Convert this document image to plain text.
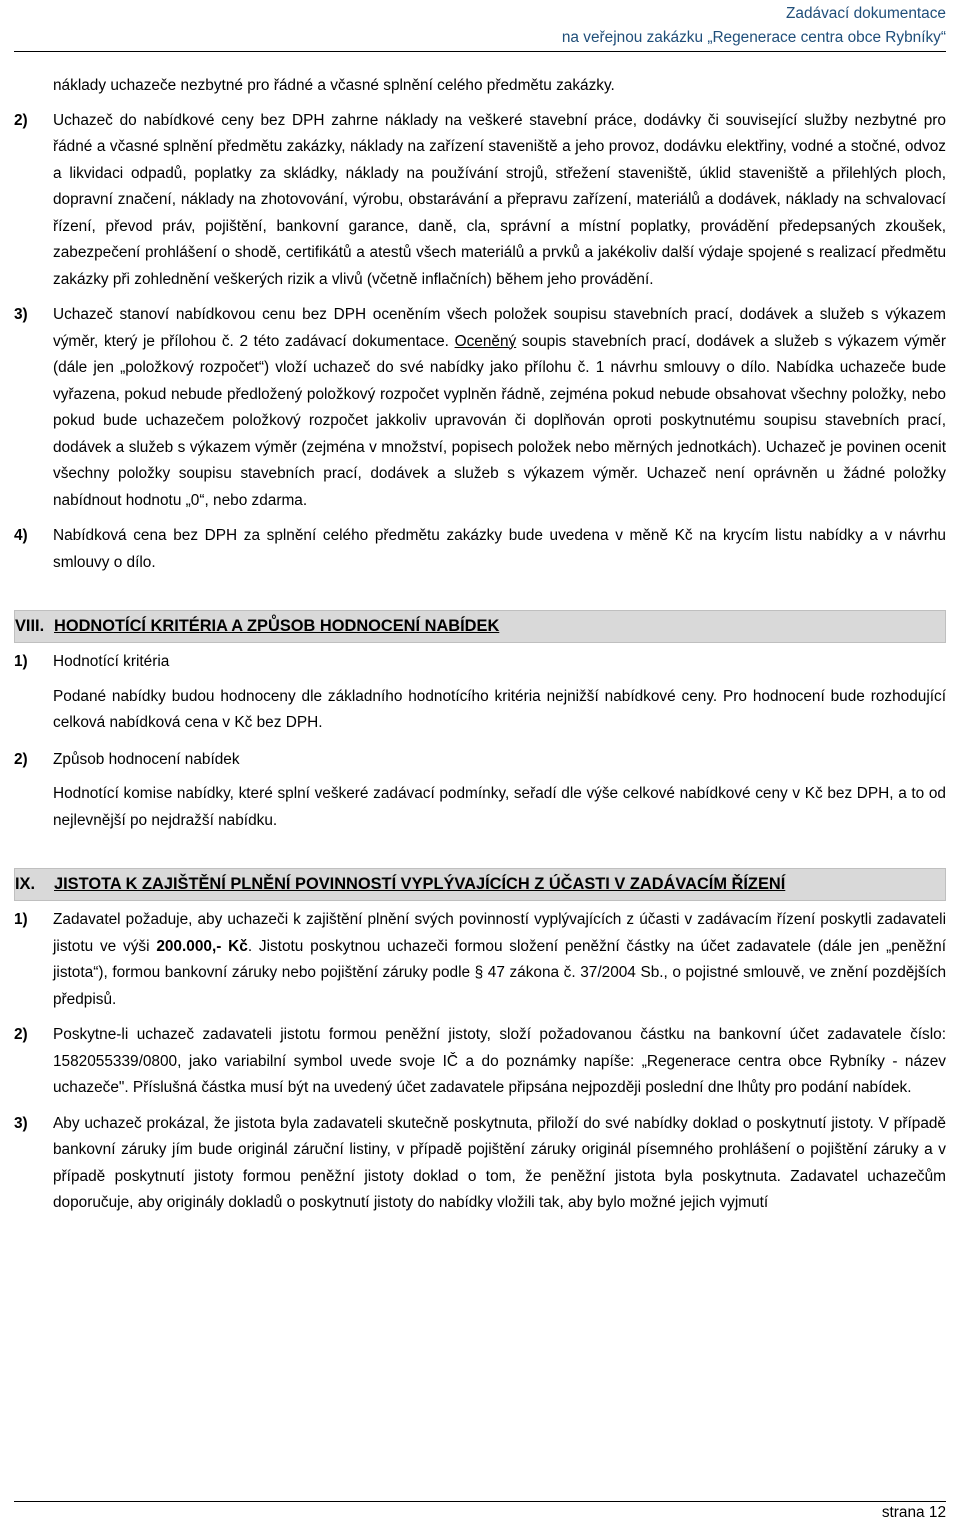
Zadávací dokumentace
na veřejnou zakázku „Regenerace centra obce Rybníky“

náklady uchazeče nezbytné pro řádné a včasné splnění celého předmětu zakázky.

2)	Uchazeč do nabídkové ceny bez DPH zahrne náklady na veškeré stavební práce, dodávky či související služby nezbytné pro řádné a včasné splnění předmětu zakázky, náklady na zařízení staveniště a jeho provoz, dodávku elektřiny, vodné a stočné, odvoz a likvidaci odpadů, poplatky za skládky, náklady na používání strojů, střežení staveniště, úklid staveniště a přilehlých ploch, dopravní značení, náklady na zhotovování, výrobu, obstarávání a přepravu zařízení, materiálů a dodávek, náklady na schvalovací řízení, převod práv, pojištění, bankovní garance, daně, cla, správní a místní poplatky, provádění předepsaných zkoušek, zabezpečení prohlášení o shodě, certifikátů a atestů všech materiálů a prvků a jakékoliv další výdaje spojené s realizací předmětu zakázky při zohlednění veškerých rizik a vlivů (včetně inflačních) během jeho provádění.
3)	Uchazeč stanoví nabídkovou cenu bez DPH oceněním všech položek soupisu stavebních prací, dodávek a služeb s výkazem výměr, který je přílohou č. 2 této zadávací dokumentace. Oceněný soupis stavebních prací, dodávek a služeb s výkazem výměr (dále jen „položkový rozpočet“) vloží uchazeč do své nabídky jako přílohu č. 1 návrhu smlouvy o dílo. Nabídka uchazeče bude vyřazena, pokud nebude předložený položkový rozpočet vyplněn řádně, zejména pokud nebude obsahovat všechny položky, nebo pokud bude uchazečem položkový rozpočet jakkoliv upravován či doplňován oproti poskytnutému soupisu stavebních prací, dodávek a služeb s výkazem výměr (zejména v množství, popisech položek nebo měrných jednotkách). Uchazeč je povinen ocenit všechny položky soupisu stavebních prací, dodávek a služeb s výkazem výměr. Uchazeč není oprávněn u žádné položky nabídnout hodnotu „0“, nebo zdarma.
4)	Nabídková cena bez DPH za splnění celého předmětu zakázky bude uvedena v měně Kč na krycím listu nabídky a v návrhu smlouvy o dílo.
VIII. HODNOTÍCÍ KRITÉRIA A ZPŮSOB HODNOCENÍ NABÍDEK
1)	Hodnotící kritéria

Podané nabídky budou hodnoceny dle základního hodnotícího kritéria nejnižší nabídkové ceny. Pro hodnocení bude rozhodující celková nabídková cena v Kč bez DPH.

2)	Způsob hodnocení nabídek

Hodnotící komise nabídky, které splní veškeré zadávací podmínky, seřadí dle výše celkové nabídkové ceny v Kč bez DPH, a to od nejlevnější po nejdražší nabídku.

IX.	JISTOTA K ZAJIŠTĚNÍ PLNĚNÍ POVINNOSTÍ VYPLÝVAJÍCÍCH Z ÚČASTI V ZADÁVACÍM ŘÍZENÍ
1)	Zadavatel požaduje, aby uchazeči k zajištění plnění svých povinností vyplývajících z účasti v zadávacím řízení poskytli zadavateli jistotu ve výši 200.000,- Kč. Jistotu poskytnou uchazeči formou složení peněžní částky na účet zadavatele (dále jen „peněžní jistota“), formou bankovní záruky nebo pojištění záruky podle § 47 zákona č. 37/2004 Sb., o pojistné smlouvě, ve znění pozdějších předpisů.
2)	Poskytne-li uchazeč zadavateli jistotu formou peněžní jistoty, složí požadovanou částku na bankovní účet zadavatele číslo: 1582055339/0800, jako variabilní symbol uvede svoje IČ a do poznámky napíše: „Regenerace centra obce Rybníky - název uchazeče". Příslušná částka musí být na uvedený účet zadavatele připsána nejpozději poslední dne lhůty pro podání nabídek.
3)	Aby uchazeč prokázal, že jistota byla zadavateli skutečně poskytnuta, přiloží do své nabídky doklad o poskytnutí jistoty. V případě bankovní záruky jím bude originál záruční listiny, v případě pojištění záruky originál písemného prohlášení o pojištění záruky a v případě poskytnutí jistoty formou peněžní jistoty doklad o tom, že peněžní jistota byla poskytnuta. Zadavatel uchazečům doporučuje, aby originály dokladů o poskytnutí jistoty do nabídky vložili tak, aby bylo možné jejich vyjmutí
strana 12
